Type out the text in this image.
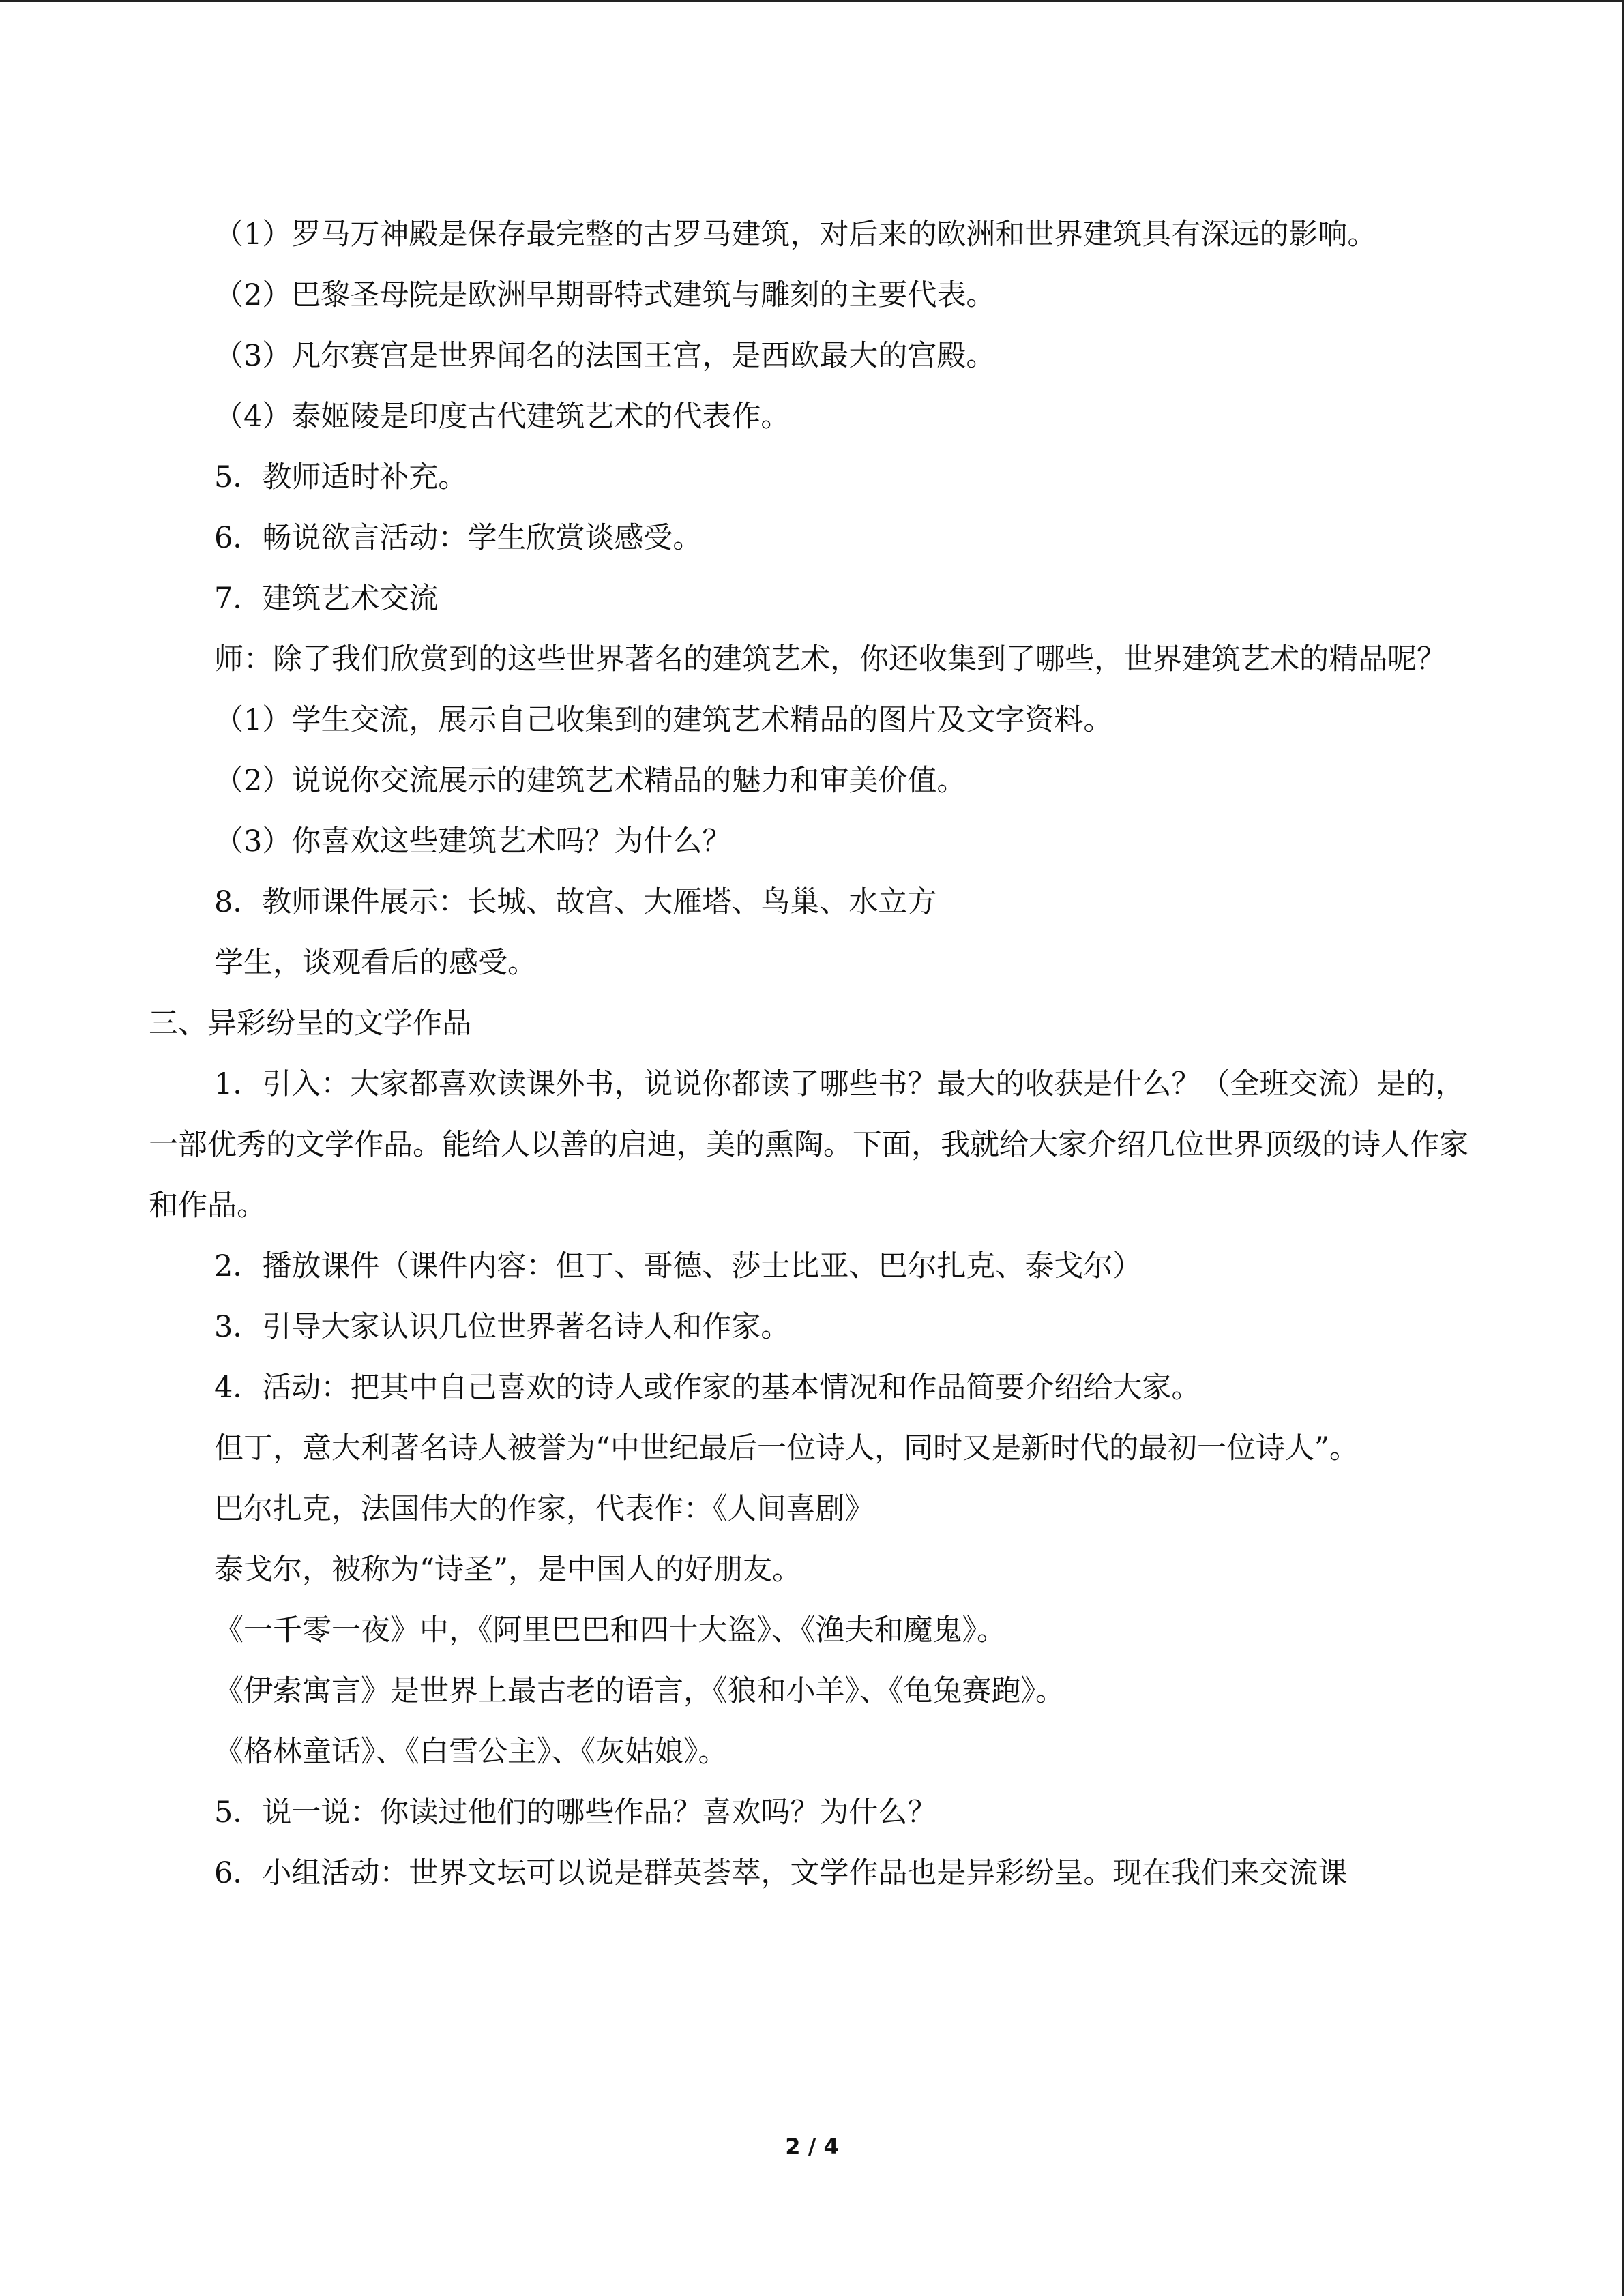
（1）罗马万神殿是保存最完整的古罗马建筑，对后来的欧洲和世界建筑具有深远的影响。

（2）巴黎圣母院是欧洲早期哥特式建筑与雕刻的主要代表。

（3）凡尔赛宫是世界闻名的法国王宫，是西欧最大的宫殿。

（4）泰姬陵是印度古代建筑艺术的代表作。

5．教师适时补充。

6．畅说欲言活动：学生欣赏谈感受。

7．建筑艺术交流

师：除了我们欣赏到的这些世界著名的建筑艺术，你还收集到了哪些，世界建筑艺术的精品呢？

（1）学生交流，展示自己收集到的建筑艺术精品的图片及文字资料。

（2）说说你交流展示的建筑艺术精品的魅力和审美价值。

（3）你喜欢这些建筑艺术吗？为什么？

8．教师课件展示：长城、故宫、大雁塔、鸟巢、水立方

学生，谈观看后的感受。

三、异彩纷呈的文学作品

1．引入：大家都喜欢读课外书，说说你都读了哪些书？最大的收获是什么？（全班交流）是的，一部优秀的文学作品。能给人以善的启迪，美的熏陶。下面，我就给大家介绍几位世界顶级的诗人作家和作品。

2．播放课件（课件内容：但丁、哥德、莎士比亚、巴尔扎克、泰戈尔）

3．引导大家认识几位世界著名诗人和作家。

4．活动：把其中自己喜欢的诗人或作家的基本情况和作品简要介绍给大家。

但丁，意大利著名诗人被誉为“中世纪最后一位诗人，同时又是新时代的最初一位诗人”。

巴尔扎克，法国伟大的作家，代表作：《人间喜剧》

泰戈尔，被称为“诗圣”，是中国人的好朋友。

《一千零一夜》中，《阿里巴巴和四十大盗》、《渔夫和魔鬼》。

《伊索寓言》是世界上最古老的语言，《狼和小羊》、《龟兔赛跑》。

《格林童话》、《白雪公主》、《灰姑娘》。

5．说一说：你读过他们的哪些作品？喜欢吗？为什么？

6．小组活动：世界文坛可以说是群英荟萃，文学作品也是异彩纷呈。现在我们来交流课

2 / 4
